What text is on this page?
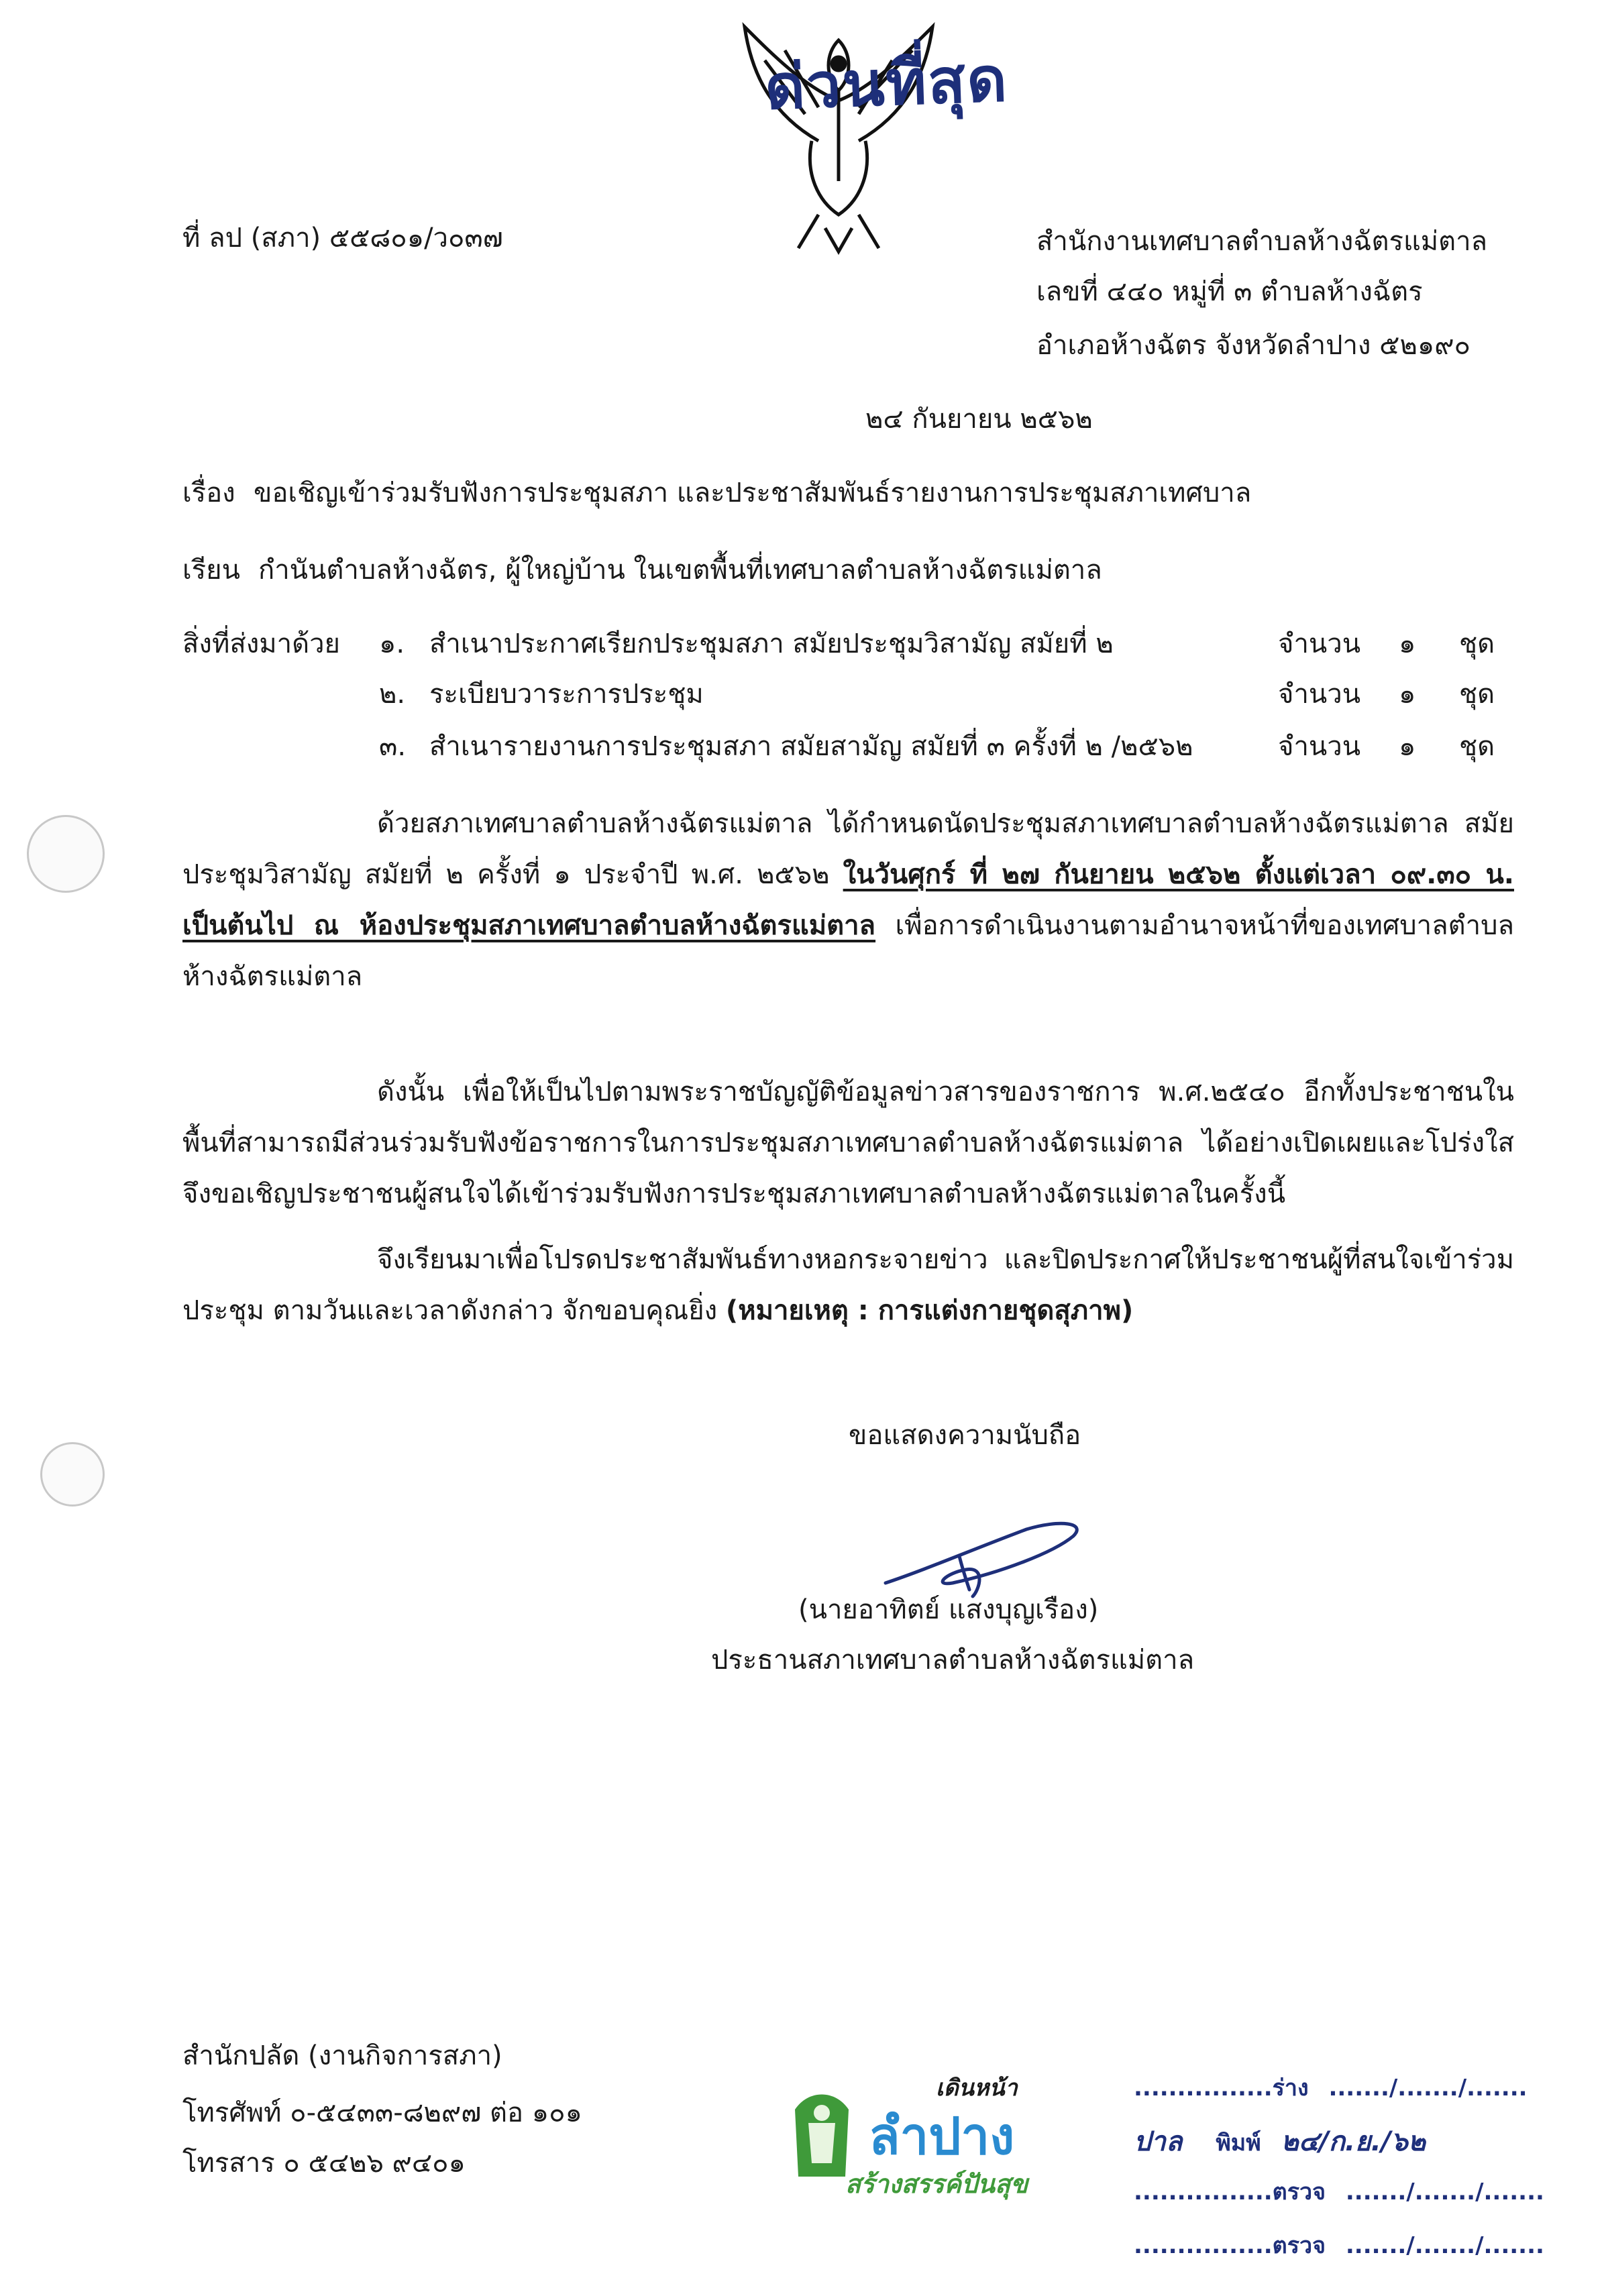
ด่วนที่สุด
ที่ ลป (สภา) ๕๕๘๐๑/ว๐๓๗	สำนักงานเทศบาลตำบลห้างฉัตรแม่ตาล
เลขที่ ๔๔๐ หมู่ที่ ๓ ตำบลห้างฉัตร
อำเภอห้างฉัตร จังหวัดลำปาง ๕๒๑๙๐
๒๔ กันยายน ๒๕๖๒
เรื่อง ขอเชิญเข้าร่วมรับฟังการประชุมสภา และประชาสัมพันธ์รายงานการประชุมสภาเทศบาล
เรียน กำนันตำบลห้างฉัตร, ผู้ใหญ่บ้าน ในเขตพื้นที่เทศบาลตำบลห้างฉัตรแม่ตาล
สิ่งที่ส่งมาด้วย ๑. สำเนาประกาศเรียกประชุมสภา สมัยประชุมวิสามัญ สมัยที่ ๒	จำนวน ๑ ชุด
๒. ระเบียบวาระการประชุม	จำนวน ๑ ชุด
๓. สำเนารายงานการประชุมสภา สมัยสามัญ สมัยที่ ๓ ครั้งที่ ๒ /๒๕๖๒	จำนวน ๑ ชุด
ด้วยสภาเทศบาลตำบลห้างฉัตรแม่ตาล ได้กำหนดนัดประชุมสภาเทศบาลตำบลห้างฉัตรแม่ตาล สมัยประชุมวิสามัญ สมัยที่ ๒ ครั้งที่ ๑ ประจำปี พ.ศ. ๒๕๖๒ ในวันศุกร์ ที่ ๒๗ กันยายน ๒๕๖๒ ตั้งแต่เวลา ๐๙.๓๐ น. เป็นต้นไป ณ ห้องประชุมสภาเทศบาลตำบลห้างฉัตรแม่ตาล เพื่อการดำเนินงานตามอำนาจหน้าที่ของเทศบาลตำบลห้างฉัตรแม่ตาล
ดังนั้น เพื่อให้เป็นไปตามพระราชบัญญัติข้อมูลข่าวสารของราชการ พ.ศ.๒๕๔๐ อีกทั้งประชาชนในพื้นที่สามารถมีส่วนร่วมรับฟังข้อราชการในการประชุมสภาเทศบาลตำบลห้างฉัตรแม่ตาล ได้อย่างเปิดเผยและโปร่งใส จึงขอเชิญประชาชนผู้สนใจได้เข้าร่วมรับฟังการประชุมสภาเทศบาลตำบลห้างฉัตรแม่ตาลในครั้งนี้
จึงเรียนมาเพื่อโปรดประชาสัมพันธ์ทางหอกระจายข่าว และปิดประกาศให้ประชาชนผู้ที่สนใจเข้าร่วมประชุม ตามวันและเวลาดังกล่าว จักขอบคุณยิ่ง (หมายเหตุ : การแต่งกายชุดสุภาพ)
ขอแสดงความนับถือ
(นายอาทิตย์ แสงบุญเรือง)
ประธานสภาเทศบาลตำบลห้างฉัตรแม่ตาล
สำนักปลัด (งานกิจการสภา)
โทรศัพท์ ๐-๕๔๓๓-๘๒๙๗ ต่อ ๑๐๑
โทรสาร ๐ ๕๔๒๖ ๙๔๐๑
เดินหน้า
ลำปาง
สร้างสรรค์ปันสุข
................ร่าง ......./......./.......
ปาล พิมพ์ ๒๔/ก.ย./๖๒
................ตรวจ ......./......./.......
................ตรวจ ......./......./.......
